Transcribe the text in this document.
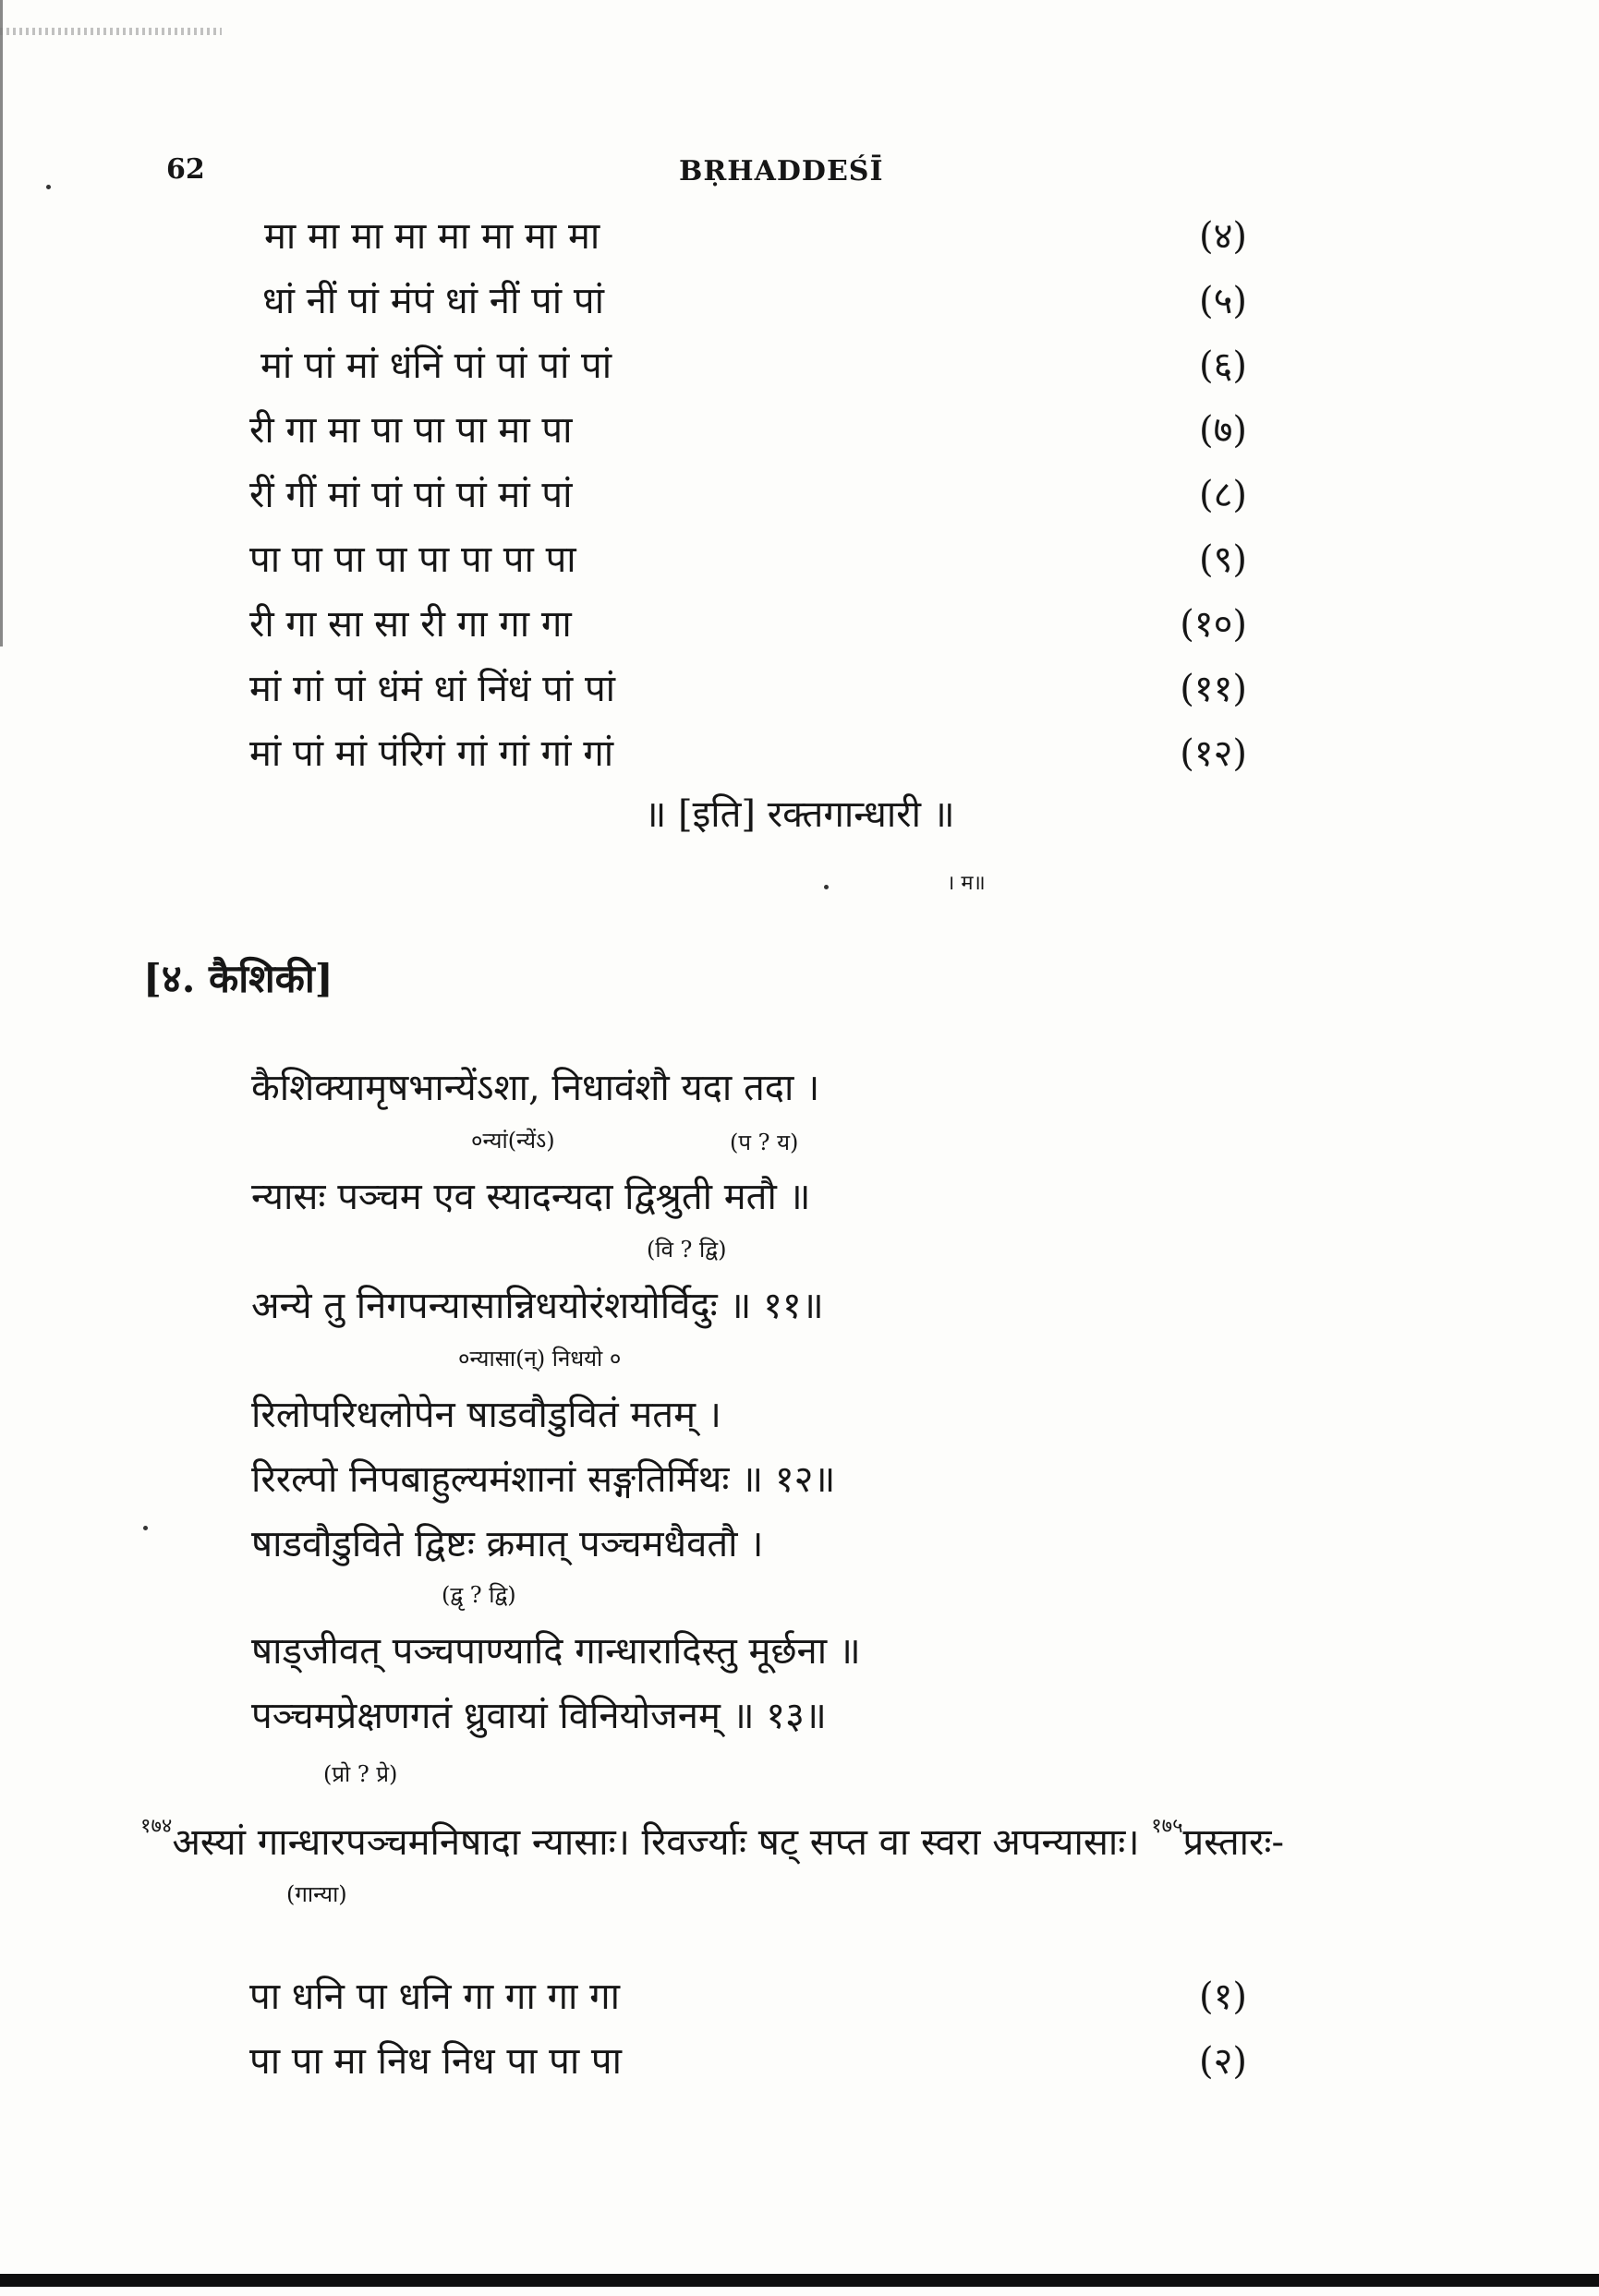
62	BṚHADDEŚĪ
मा मा मा मा मा मा मा मा	(४)
धां नीं पां मंपं धां नीं पां पां	(५)
मां पां मां धंनिं पां पां पां पां	(६)
री गा मा पा पा पा मा पा	(७)
रीं गीं मां पां पां पां मां पां	(८)
पा पा पा पा पा पा पा पा	(९)
री गा सा सा री गा गा गा	(१०)
मां गां पां धंमं धां निंधं पां पां	(११)
मां पां मां पंरिगं गां गां गां गां	(१२)
॥ [इति] रक्तगान्धारी ॥
। म॥
[४. कैशिकी]
कैशिक्यामृषभान्येंऽशा, निधावंशौ यदा तदा ।
०न्यां(न्येंऽ)	(प ? य)
न्यासः पञ्चम एव स्यादन्यदा द्विश्रुती मतौ ॥
(वि ? द्वि)
अन्ये तु निगपन्यासान्निधयोरंशयोर्विदुः ॥ ११॥
०न्यासा(न्) निधयो ०
रिलोपरिधलोपेन षाडवौडुवितं मतम् ।
रिरल्पो निपबाहुल्यमंशानां सङ्गतिर्मिथः ॥ १२॥
षाडवौडुविते द्विष्टः क्रमात् पञ्चमधैवतौ ।
(द्वृ ? द्वि)
षाड्जीवत् पञ्चपाण्यादि गान्धारादिस्तु मूर्छना ॥
पञ्चमप्रेक्षणगतं ध्रुवायां विनियोजनम् ॥ १३॥
(प्रो ? प्रे)
$^{१७४}$अस्यां गान्धारपञ्चमनिषादा न्यासाः। रिवर्ज्याः षट् सप्त वा स्वरा अपन्यासाः। $^{१७५}$प्रस्तारः-
(गान्या)
पा धनि पा धनि गा गा गा गा	(१)
पा पा मा निध निध पा पा पा	(२)
